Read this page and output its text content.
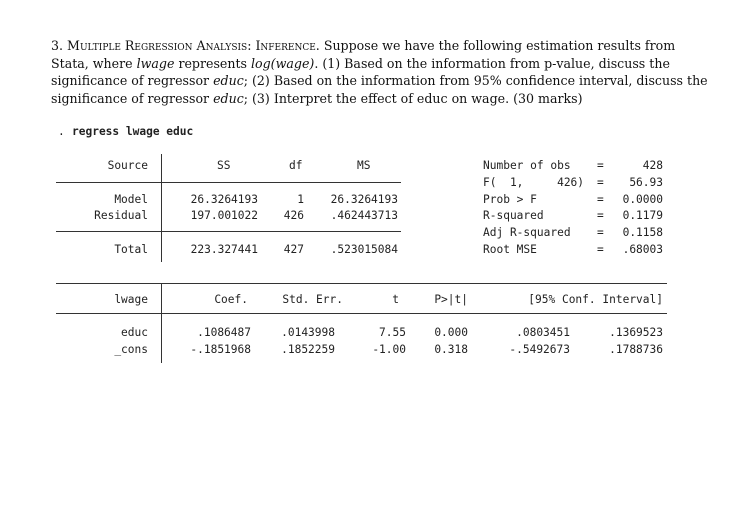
3. Multiple Regression Analysis: Inference. Suppose we have the following estimation results from Stata, where lwage represents log(wage). (1) Based on the information from p-value, discuss the significance of regressor educ; (2) Based on the information from 95% confidence interval, discuss the significance of regressor educ; (3) Interpret the effect of educ on wage. (30 marks)
. regress lwage educ
Source	SS	df	MS
Model	26.3264193	1	26.3264193
Residual	197.001022	426	.462443713
Total	223.327441	427	.523015084
Number of obs =	428
F(  1,     426) =	56.93
Prob > F	=	0.0000
R-squared	=	0.1179
Adj R-squared =	0.1158
Root MSE	=	.68003
lwage	Coef.	Std. Err.	t	P>|t|	[95% Conf. Interval]
educ	.1086487	.0143998	7.55	0.000	.0803451	.1369523
_cons	-.1851968	.1852259	-1.00	0.318	-.5492673	.1788736
